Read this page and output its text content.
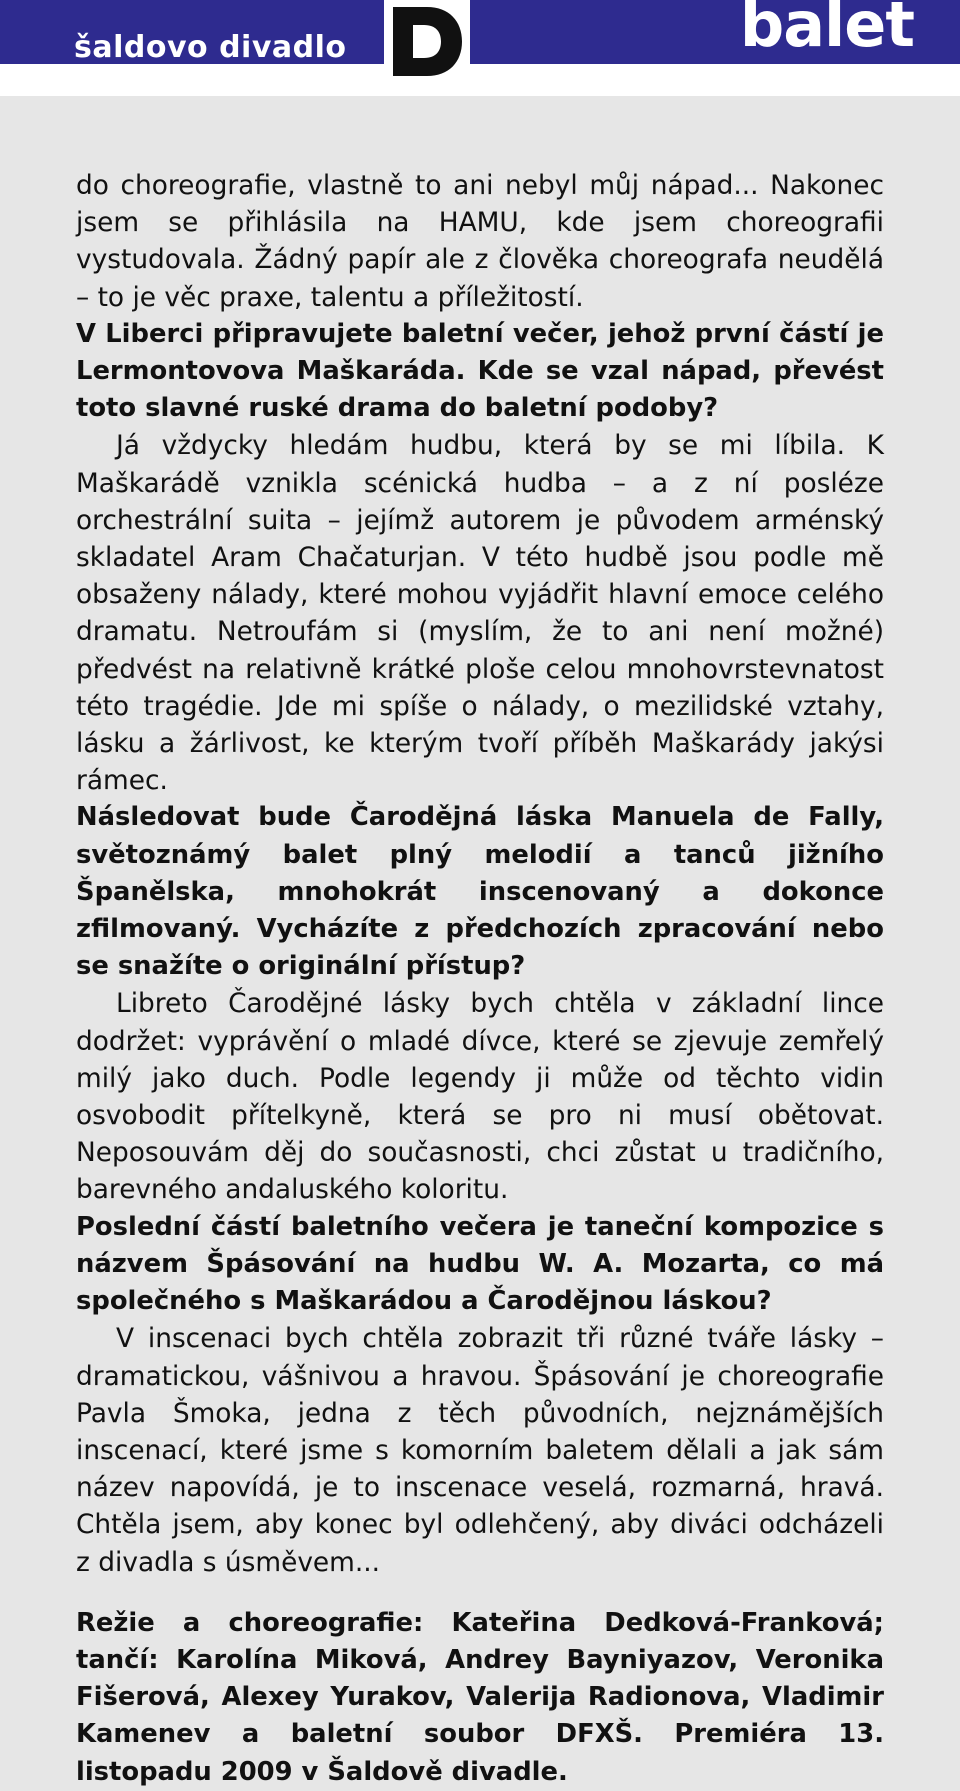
šaldovo divadlo	balet

do choreografie, vlastně to ani nebyl můj nápad... Nakonec jsem se přihlásila na HAMU, kde jsem choreografii vystudovala. Žádný papír ale z člověka choreografa neudělá – to je věc praxe, talentu a příležitostí.

V Liberci připravujete baletní večer, jehož první částí je Lermontovova Maškaráda. Kde se vzal nápad, převést toto slavné ruské drama do baletní podoby?

Já vždycky hledám hudbu, která by se mi líbila. K Maškarádě vznikla scénická hudba – a z ní posléze orchestrální suita – jejímž autorem je původem arménský skladatel Aram Chačaturjan. V této hudbě jsou podle mě obsaženy nálady, které mohou vyjádřit hlavní emoce celého dramatu. Netroufám si (myslím, že to ani není možné) předvést na relativně krátké ploše celou mnohovrstevnatost této tragédie. Jde mi spíše o nálady, o mezilidské vztahy, lásku a žárlivost, ke kterým tvoří příběh Maškarády jakýsi rámec.

Následovat bude Čarodějná láska Manuela de Fally, světoznámý balet plný melodií a tanců jižního Španělska, mnohokrát inscenovaný a dokonce zfilmovaný. Vycházíte z předchozích zpracování nebo se snažíte o originální přístup?

Libreto Čarodějné lásky bych chtěla v základní lince dodržet: vyprávění o mladé dívce, které se zjevuje zemřelý milý jako duch. Podle legendy ji může od těchto vidin osvobodit přítelkyně, která se pro ni musí obětovat. Neposouvám děj do současnosti, chci zůstat u tradičního, barevného andaluského koloritu.

Poslední částí baletního večera je taneční kompozice s názvem Špásování na hudbu W. A. Mozarta, co má společného s Maškarádou a Čarodějnou láskou?

V inscenaci bych chtěla zobrazit tři různé tváře lásky – dramatickou, vášnivou a hravou. Špásování je choreografie Pavla Šmoka, jedna z těch původních, nejznámějších inscenací, které jsme s komorním baletem dělali a jak sám název napovídá, je to inscenace veselá, rozmarná, hravá. Chtěla jsem, aby konec byl odlehčený, aby diváci odcházeli z divadla s úsměvem...

Režie a choreografie: Kateřina Dedková-Franková; tančí: Karolína Miková, Andrey Bayniyazov, Veronika Fišerová, Alexey Yurakov, Valerija Radionova, Vladimir Kamenev a baletní soubor DFXŠ. Premiéra 13. listopadu 2009 v Šaldově divadle.
